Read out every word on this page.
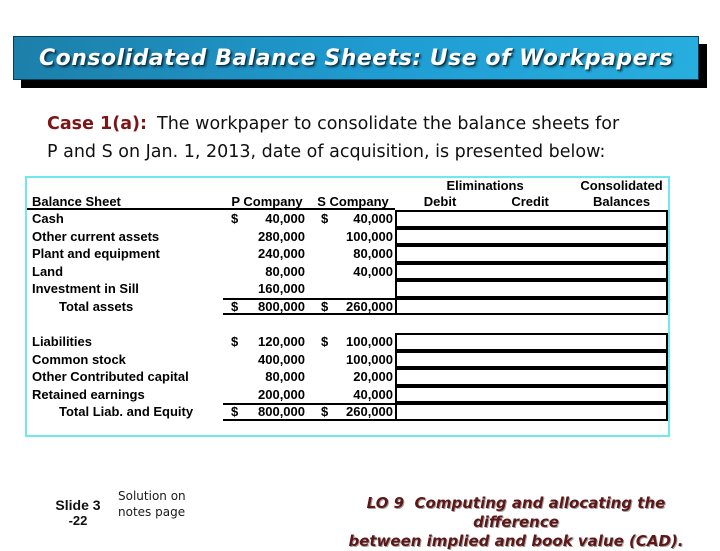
Consolidated Balance Sheets: Use of Workpapers
Case 1(a): The workpaper to consolidate the balance sheets for
P and S on Jan. 1, 2013, date of acquisition, is presented below:
Eliminations	Consolidated
Balance Sheet	P Company	S Company	Debit	Credit	Balances
Cash	$ 40,000 $ 40,000
Other current assets	280,000	100,000
Plant and equipment	240,000	80,000
Land	80,000	40,000
Investment in Sill	160,000
Total assets	$ 800,000 $ 260,000
Liabilities	$ 120,000 $ 100,000
Common stock	400,000	100,000
Other Contributed capital	80,000	20,000
Retained earnings	200,000	40,000
Total Liab. and Equity	$ 800,000 $ 260,000
Slide 3
-22
Solution on
notes page	LO 9  Computing and allocating the difference
between implied and book value (CAD).
